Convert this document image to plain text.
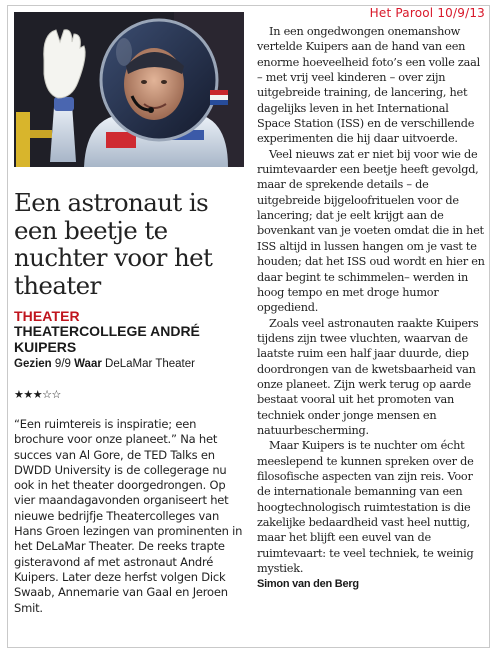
Het Parool 10/9/13
Een astronaut is een beetje te nuchter voor het theater
THEATER
THEATERCOLLEGE ANDRÉ KUIPERS
Gezien 9/9 Waar DeLaMar Theater
★★★☆☆

“Een ruimtereis is inspiratie; een brochure voor onze planeet.” Na het succes van Al Gore, de TED Talks en DWDD University is de collegerage nu ook in het theater doorgedrongen. Op vier maandagavonden organiseert het nieuwe bedrijfje Theatercolleges van Hans Groen lezingen van prominenten in het DeLaMar Theater. De reeks trapte gisteravond af met astronaut André Kuipers. Later deze herfst volgen Dick Swaab, Annemarie van Gaal en Jeroen Smit.

In een ongedwongen onemanshow vertelde Kuipers aan de hand van een enorme hoeveelheid foto’s een volle zaal – met vrij veel kinderen – over zijn uitgebreide training, de lancering, het dagelijks leven in het International Space Station (ISS) en de verschillende experimenten die hij daar uitvoerde.

Veel nieuws zat er niet bij voor wie de ruimtevaarder een beetje heeft gevolgd, maar de sprekende details – de uitgebreide bijgeloofrituelen voor de lancering; dat je eelt krijgt aan de bovenkant van je voeten omdat die in het ISS altijd in lussen hangen om je vast te houden; dat het ISS oud wordt en hier en daar begint te schimmelen– werden in hoog tempo en met droge humor opgediend.

Zoals veel astronauten raakte Kuipers tijdens zijn twee vluchten, waarvan de laatste ruim een half jaar duurde, diep doordrongen van de kwetsbaarheid van onze planeet. Zijn werk terug op aarde bestaat vooral uit het promoten van techniek onder jonge mensen en natuurbescherming.

Maar Kuipers is te nuchter om écht meeslepend te kunnen spreken over de filosofische aspecten van zijn reis. Voor de internationale bemanning van een hoogtechnologisch ruimtestation is die zakelijke bedaardheid vast heel nuttig, maar het blijft een euvel van de ruimtevaart: te veel techniek, te weinig mystiek.

Simon van den Berg
